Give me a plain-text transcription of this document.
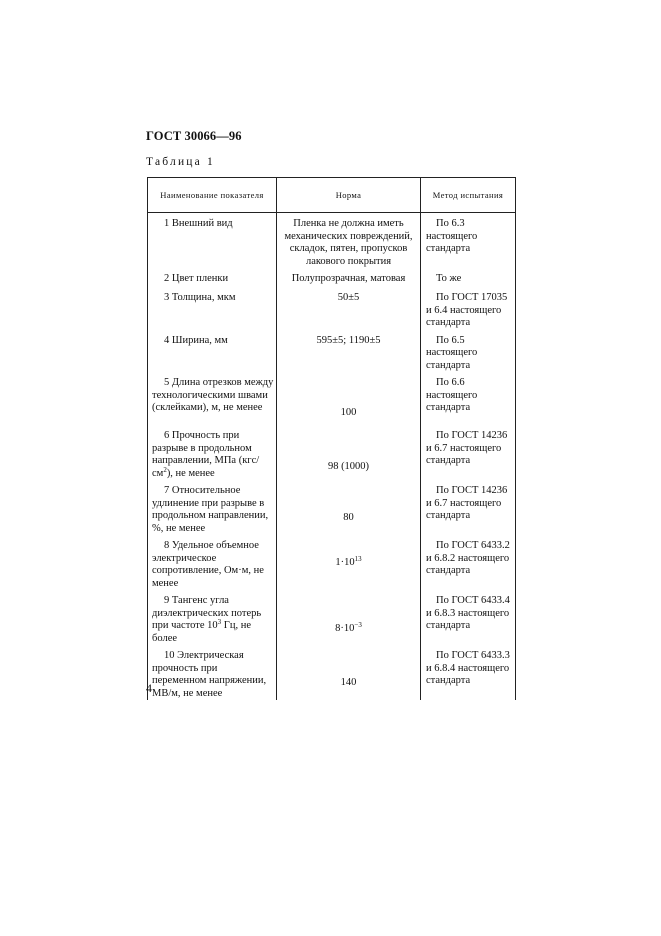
ГОСТ 30066—96
Таблица 1
Наименование показателя	Норма	Метод испытания

1 Внешний вид	Пленка не должна иметь механических повреждений, складок, пятен, пропусков лакового покрытия	По 6.3 настоящего стандарта

2 Цвет пленки	Полупрозрачная, матовая	То же

3 Толщина, мкм	50±5	По ГОСТ 17035 и 6.4 настоящего стандарта

4 Ширина, мм	595±5; 1190±5	По 6.5 настоящего стандарта

5 Длина отрезков между технологическими швами (склейками), м, не менее	100	По 6.6 настоящего стандарта

6 Прочность при разрыве в продольном направлении, МПа $(кгс/см^2)$, не менее	98 (1000)	По ГОСТ 14236 и 6.7 настоящего стандарта

7 Относительное удлинение при разрыве в продольном направлении, %, не менее	80	По ГОСТ 14236 и 6.7 настоящего стандарта

8 Удельное объемное электрическое сопротивление, Ом·м, не менее	$1\cdot 10^{13}$	По ГОСТ 6433.2 и 6.8.2 настоящего стандарта

9 Тангенс угла диэлектрических потерь при частоте $10^3$ Гц, не более	$8\cdot 10^{-3}$	По ГОСТ 6433.4 и 6.8.3 настоящего стандарта

10 Электрическая прочность при переменном напряжении, МВ/м, не менее	140	По ГОСТ 6433.3 и 6.8.4 настоящего стандарта
4
